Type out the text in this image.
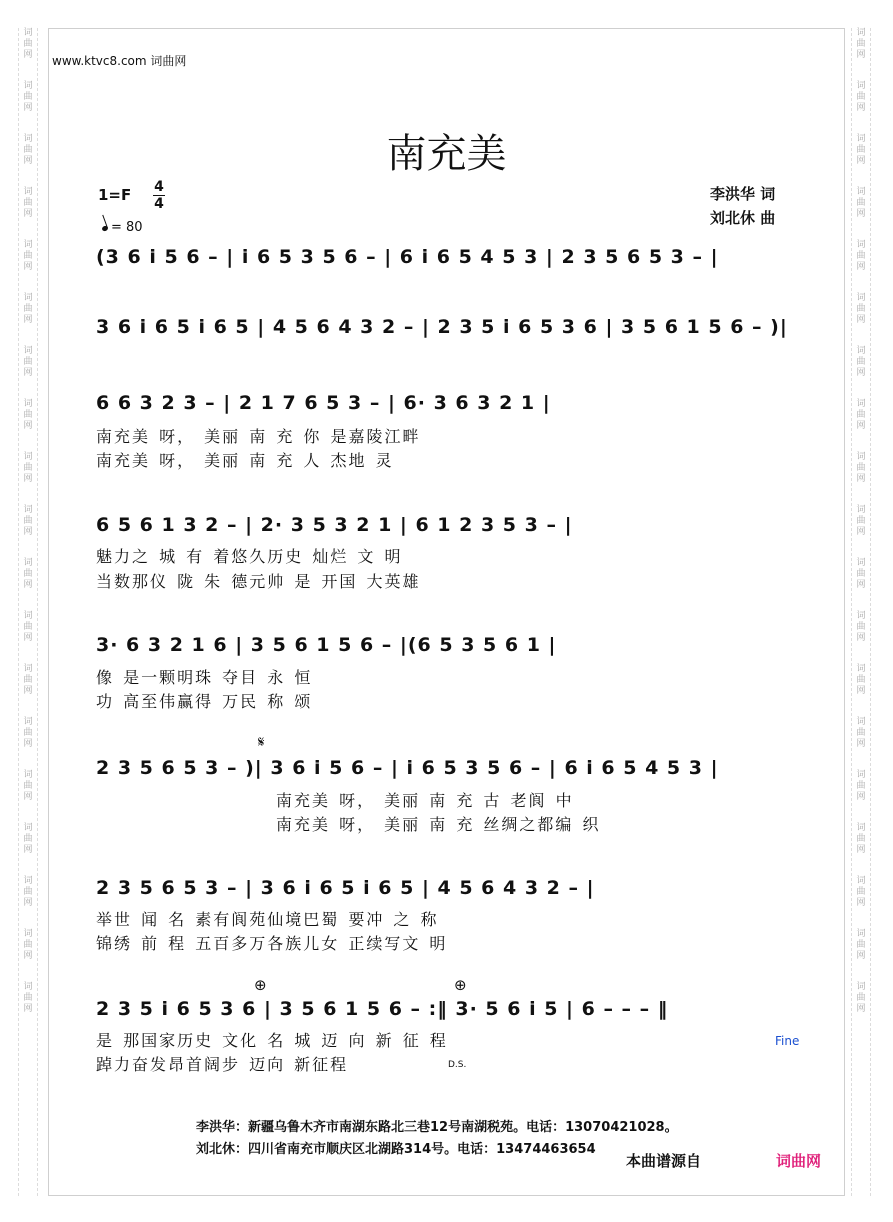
词
曲
网
词
曲
网
词
曲
网
词
曲
网
词
曲
网
词
曲
网
词
曲
网
词
曲
网
词
曲
网
词
曲
网
词
曲
网
词
曲
网
词
曲
网
词
曲
网
词
曲
网
词
曲
网
词
曲
网
词
曲
网
词
曲
网
词
曲
网
词
曲
网
词
曲
网
词
曲
网
词
曲
网
词
曲
网
词
曲
网
词
曲
网
词
曲
网
词
曲
网
词
曲
网
词
曲
网
词
曲
网
词
曲
网
词
曲
网
词
曲
网
词
曲
网
词
曲
网
词
曲
网
www.ktvc8.com 词曲网
南充美
1=F 4
4
= 80
李洪华 词
刘北休 曲
(3 6 i 5 6 – | i 6 5 3 5 6 – | 6 i 6 5 4 5 3 | 2 3 5 6 5 3 – |
3 6 i 6 5 i 6 5 | 4 5 6 4 3 2 – | 2 3 5 i 6 5 3 6 | 3 5 6 1 5 6 – )|
6 6 3 2 3 – | 2 1 7 6 5 3 – | 6· 3 6 3 2 1 |
南充美 呀， 美丽 南 充 你 是嘉陵江畔
南充美 呀， 美丽 南 充 人 杰地 灵
6 5 6 1 3 2 – | 2· 3 5 3 2 1 | 6 1 2 3 5 3 – |
魅力之 城 有 着悠久历史 灿烂 文 明
当数那仪 陇 朱 德元帅 是 开国 大英雄
3· 6 3 2 1 6 | 3 5 6 1 5 6 – |(6 5 3 5 6 1 |
像 是一颗明珠 夺目 永 恒
功 高至伟赢得 万民 称 颂
𝄋
2 3 5 6 5 3 – )| 3 6 i 5 6 – | i 6 5 3 5 6 – | 6 i 6 5 4 5 3 |
南充美 呀， 美丽 南 充 古 老阆 中
南充美 呀， 美丽 南 充 丝绸之都编 织
2 3 5 6 5 3 – | 3 6 i 6 5 i 6 5 | 4 5 6 4 3 2 – |
举世 闻 名 素有阆苑仙境巴蜀 要冲 之 称
锦绣 前 程 五百多万各族儿女 正续写文 明
⊕	⊕
2 3 5 i 6 5 3 6 | 3 5 6 1 5 6 – :‖ 3· 5 6 i 5 | 6 – – – ‖
是 那国家历史 文化 名 城 迈 向 新 征 程
踔力奋发昂首阔步 迈向 新征程	D.S.
Fine
李洪华：新疆乌鲁木齐市南湖东路北三巷12号南湖税苑。电话：13070421028。
刘北休：四川省南充市顺庆区北湖路314号。电话：13474463654
本曲谱源自	词曲网
